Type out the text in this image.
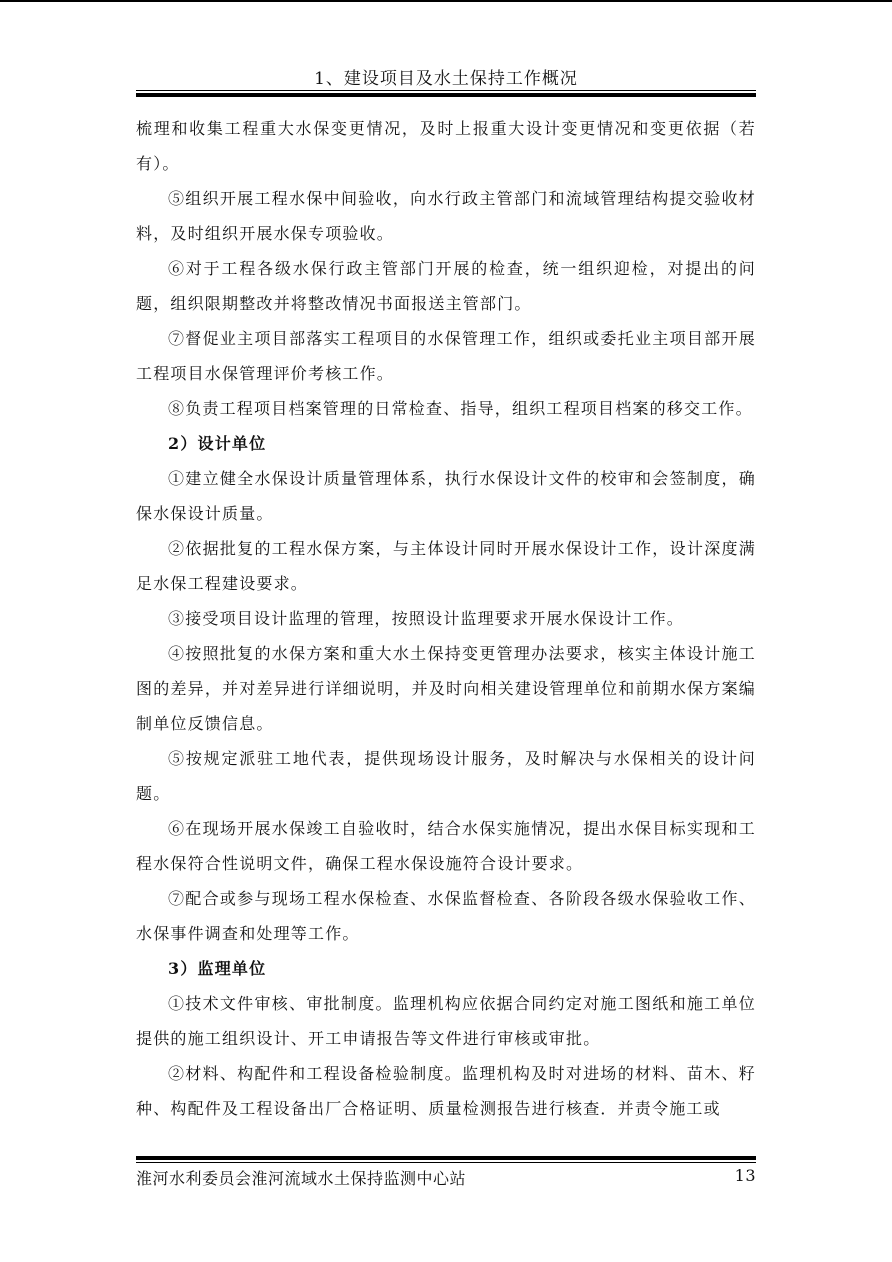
1、建设项目及水土保持工作概况

梳理和收集工程重大水保变更情况，及时上报重大设计变更情况和变更依据（若有）。

⑤组织开展工程水保中间验收，向水行政主管部门和流域管理结构提交验收材料，及时组织开展水保专项验收。

⑥对于工程各级水保行政主管部门开展的检查，统一组织迎检，对提出的问题，组织限期整改并将整改情况书面报送主管部门。

⑦督促业主项目部落实工程项目的水保管理工作，组织或委托业主项目部开展工程项目水保管理评价考核工作。

⑧负责工程项目档案管理的日常检查、指导，组织工程项目档案的移交工作。

2）设计单位

①建立健全水保设计质量管理体系，执行水保设计文件的校审和会签制度，确保水保设计质量。

②依据批复的工程水保方案，与主体设计同时开展水保设计工作，设计深度满足水保工程建设要求。

③接受项目设计监理的管理，按照设计监理要求开展水保设计工作。

④按照批复的水保方案和重大水土保持变更管理办法要求，核实主体设计施工图的差异，并对差异进行详细说明，并及时向相关建设管理单位和前期水保方案编制单位反馈信息。

⑤按规定派驻工地代表，提供现场设计服务，及时解决与水保相关的设计问题。

⑥在现场开展水保竣工自验收时，结合水保实施情况，提出水保目标实现和工程水保符合性说明文件，确保工程水保设施符合设计要求。

⑦配合或参与现场工程水保检查、水保监督检查、各阶段各级水保验收工作、水保事件调查和处理等工作。

3）监理单位

①技术文件审核、审批制度。监理机构应依据合同约定对施工图纸和施工单位提供的施工组织设计、开工申请报告等文件进行审核或审批。

②材料、构配件和工程设备检验制度。监理机构及时对进场的材料、苗木、籽种、构配件及工程设备出厂合格证明、质量检测报告进行核查．并责令施工或

淮河水利委员会淮河流域水土保持监测中心站	13
